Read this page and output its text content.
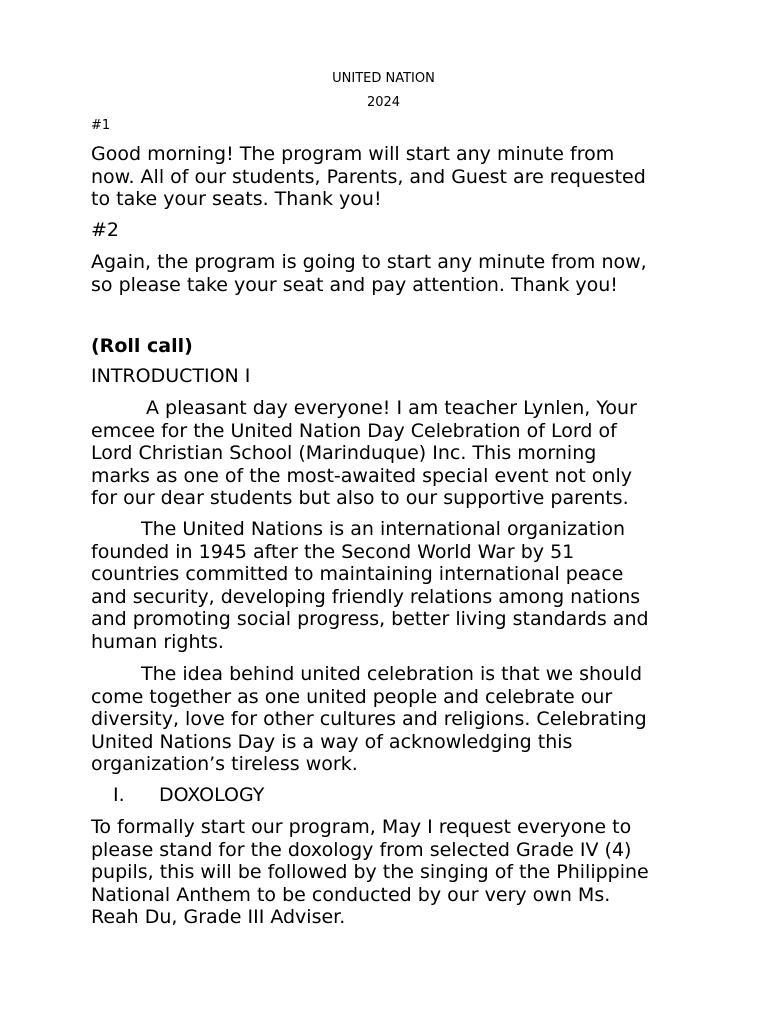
UNITED NATION

2024

#1

Good morning! The program will start any minute from
now. All of our students, Parents, and Guest are requested
to take your seats. Thank you!

#2

Again, the program is going to start any minute from now,
so please take your seat and pay attention. Thank you!

(Roll call)

INTRODUCTION I

A pleasant day everyone! I am teacher Lynlen, Your
emcee for the United Nation Day Celebration of Lord of
Lord Christian School (Marinduque) Inc. This morning
marks as one of the most-awaited special event not only
for our dear students but also to our supportive parents.
The United Nations is an international organization
founded in 1945 after the Second World War by 51
countries committed to maintaining international peace
and security, developing friendly relations among nations
and promoting social progress, better living standards and
human rights.
The idea behind united celebration is that we should
come together as one united people and celebrate our
diversity, love for other cultures and religions. Celebrating
United Nations Day is a way of acknowledging this
organization’s tireless work.

I. DOXOLOGY

To formally start our program, May I request everyone to
please stand for the doxology from selected Grade IV (4)
pupils, this will be followed by the singing of the Philippine
National Anthem to be conducted by our very own Ms.
Reah Du, Grade III Adviser.
